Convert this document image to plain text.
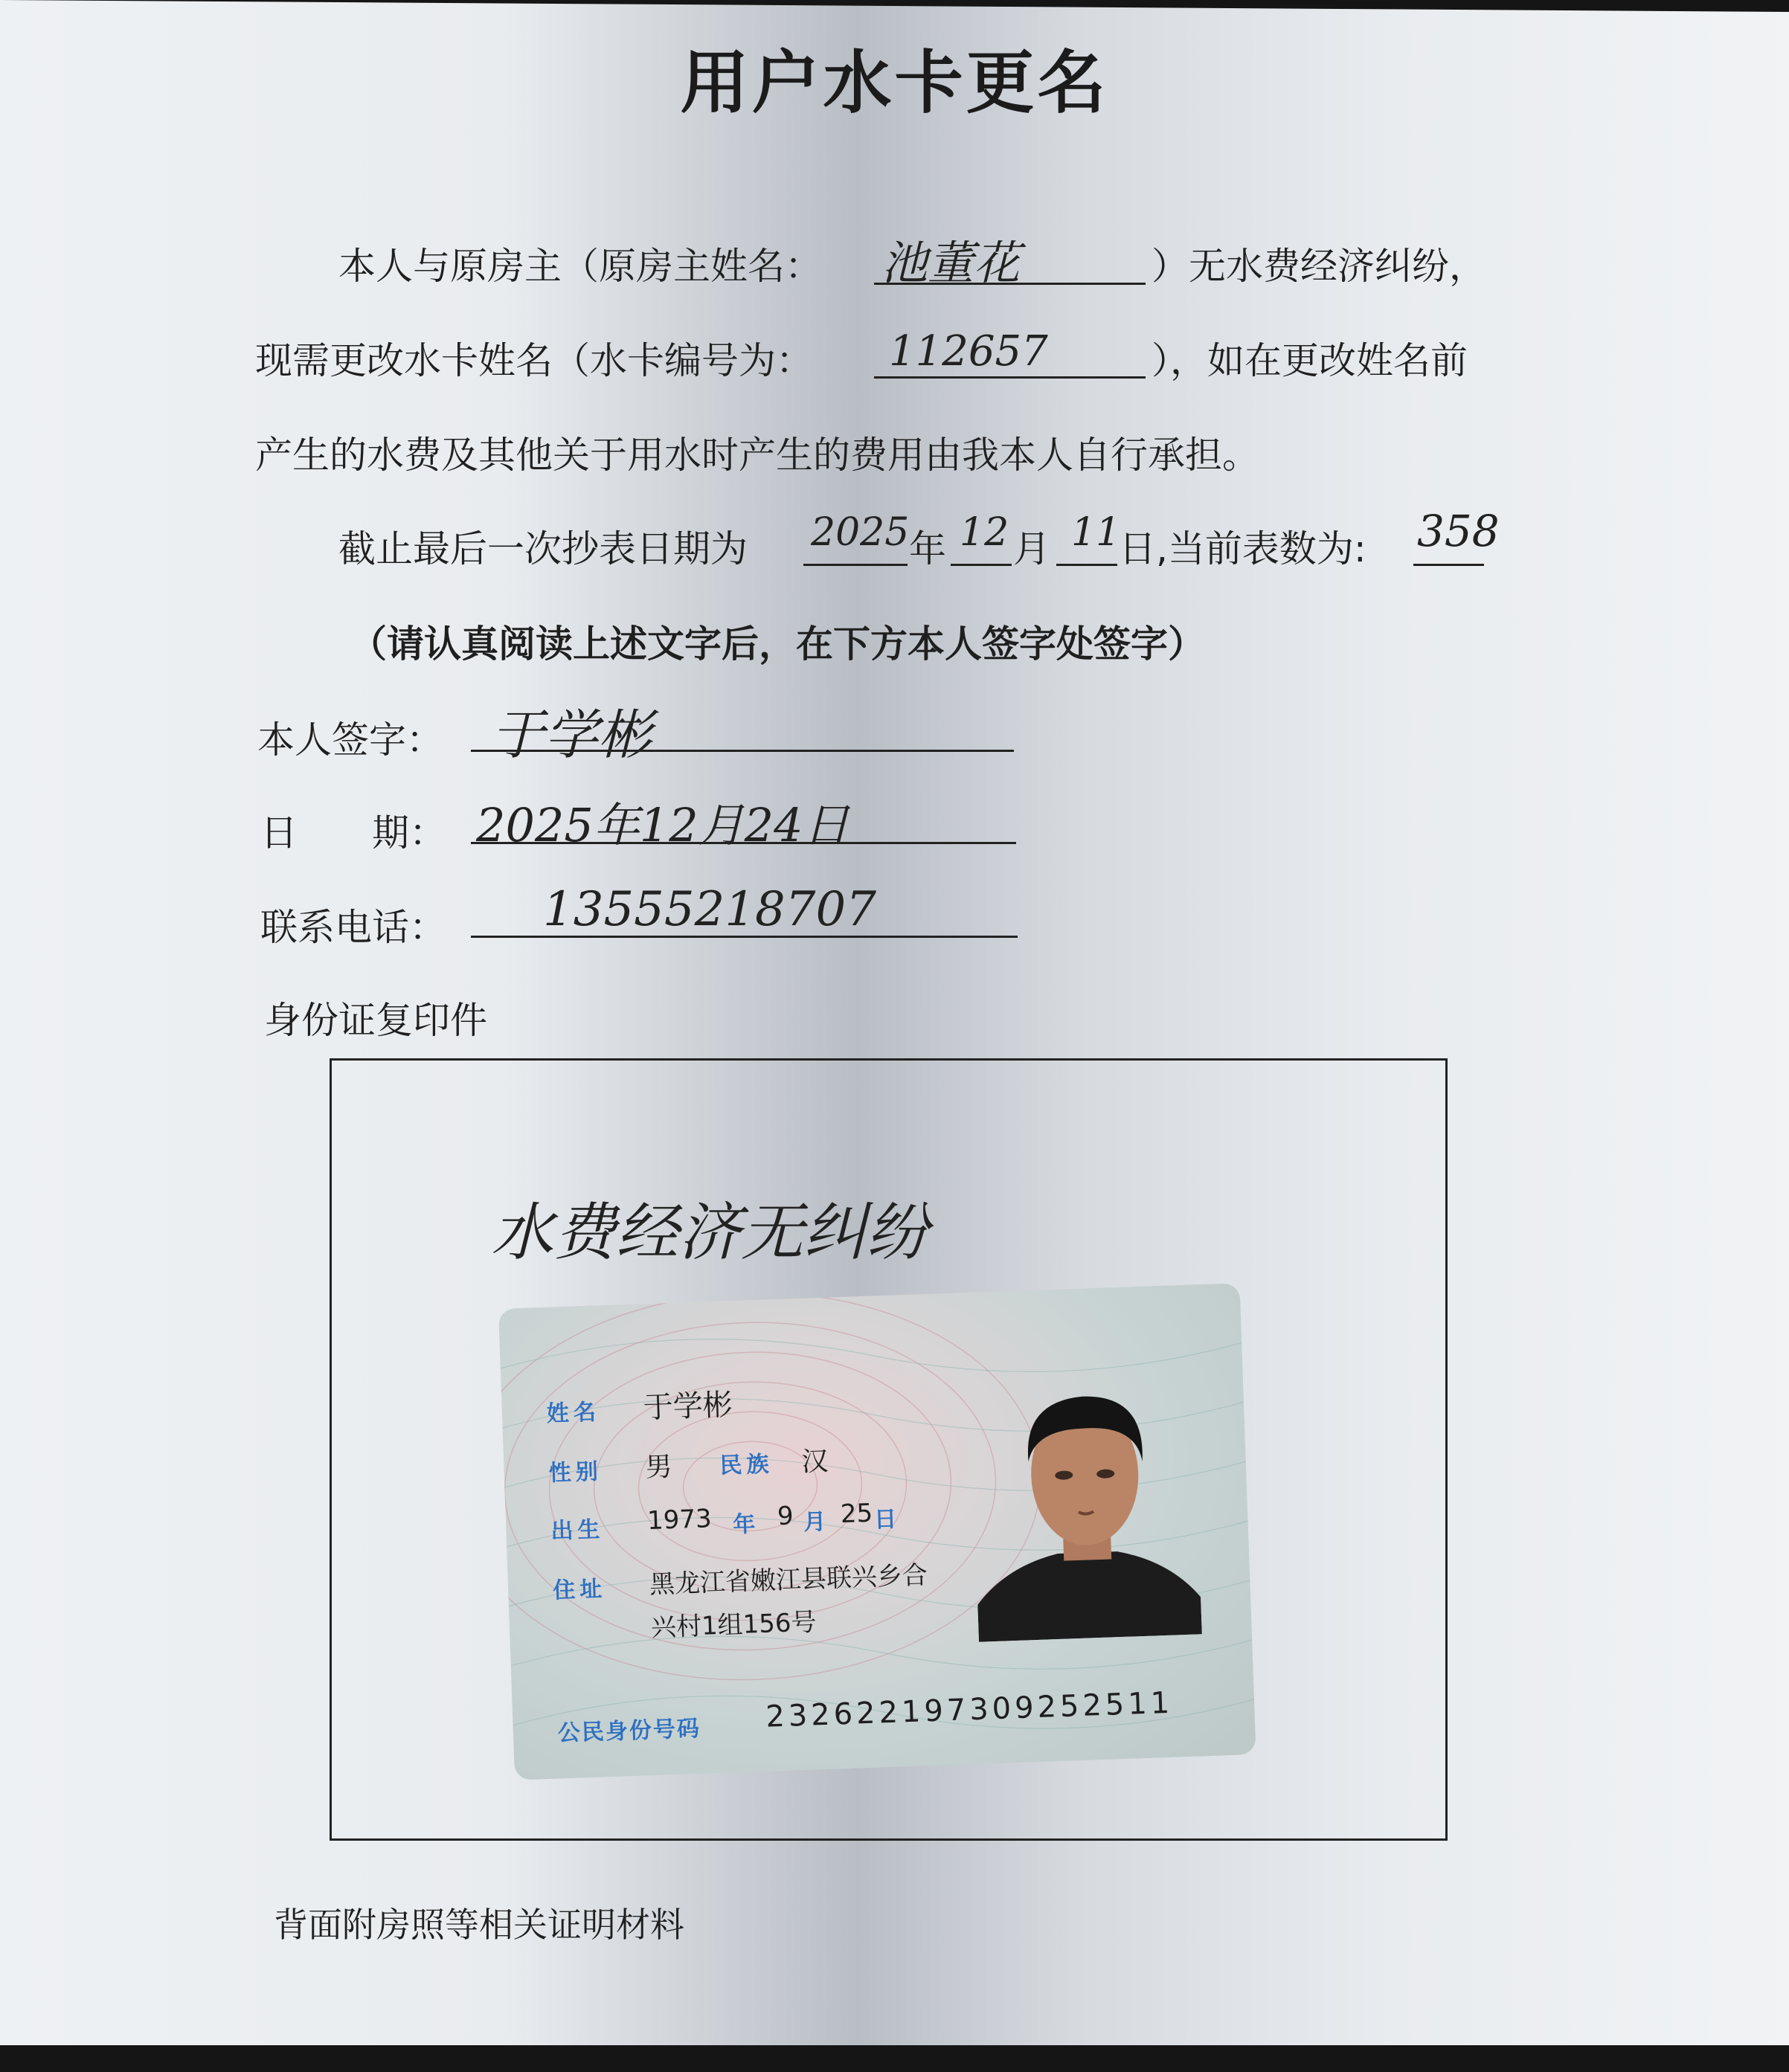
用户水卡更名
本人与原房主（原房主姓名： 池董花	）无水费经济纠纷，
现需更改水卡姓名（水卡编号为： 112657	），如在更改姓名前
产生的水费及其他关于用水时产生的费用由我本人自行承担。
截止最后一次抄表日期为 2025 年 12 月 11
日,当前表数为: 358
（请认真阅读上述文字后，在下方本人签字处签字）
本人签字： 于学彬
日　　期： 2025年12月24日
联系电话： 13555218707
身份证复印件
水费经济无纠纷
姓名 于学彬
性别 男 民族 汉
出生 1973 年 9 月 25 日
住址 黑龙江省嫩江县联兴乡合
兴村1组156号
公民身份号码 232622197309252511
背面附房照等相关证明材料
